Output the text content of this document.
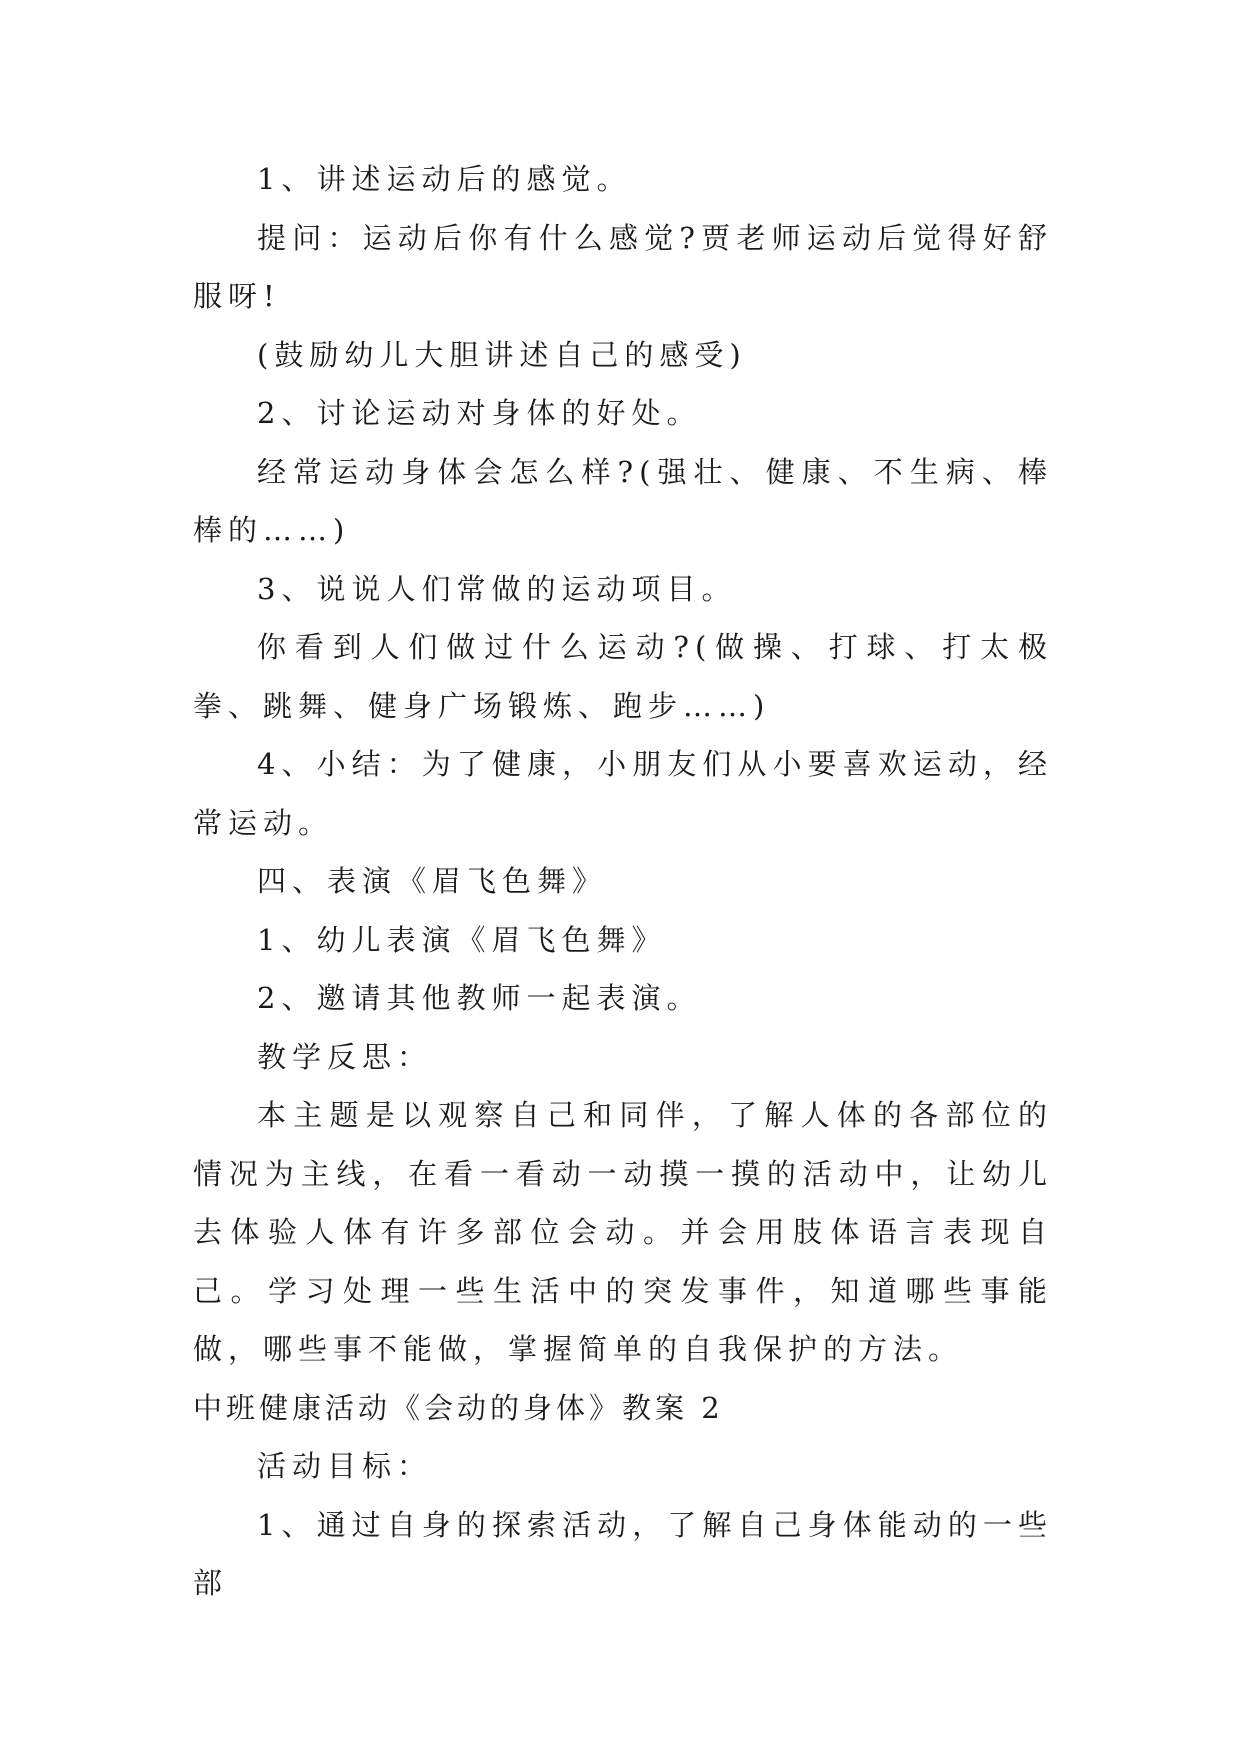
1、讲述运动后的感觉。

提问：运动后你有什么感觉?贾老师运动后觉得好舒服呀!

(鼓励幼儿大胆讲述自己的感受)

2、讨论运动对身体的好处。

经常运动身体会怎么样?(强壮、健康、不生病、棒棒的……)

3、说说人们常做的运动项目。

你看到人们做过什么运动?(做操、打球、打太极拳、跳舞、健身广场锻炼、跑步……)

4、小结：为了健康，小朋友们从小要喜欢运动，经常运动。

四、表演《眉飞色舞》

1、幼儿表演《眉飞色舞》

2、邀请其他教师一起表演。

教学反思：

本主题是以观察自己和同伴，了解人体的各部位的情况为主线，在看一看动一动摸一摸的活动中，让幼儿去体验人体有许多部位会动。并会用肢体语言表现自己。学习处理一些生活中的突发事件，知道哪些事能做，哪些事不能做，掌握简单的自我保护的方法。

中班健康活动《会动的身体》教案 2

活动目标：

1、通过自身的探索活动，了解自己身体能动的一些部
